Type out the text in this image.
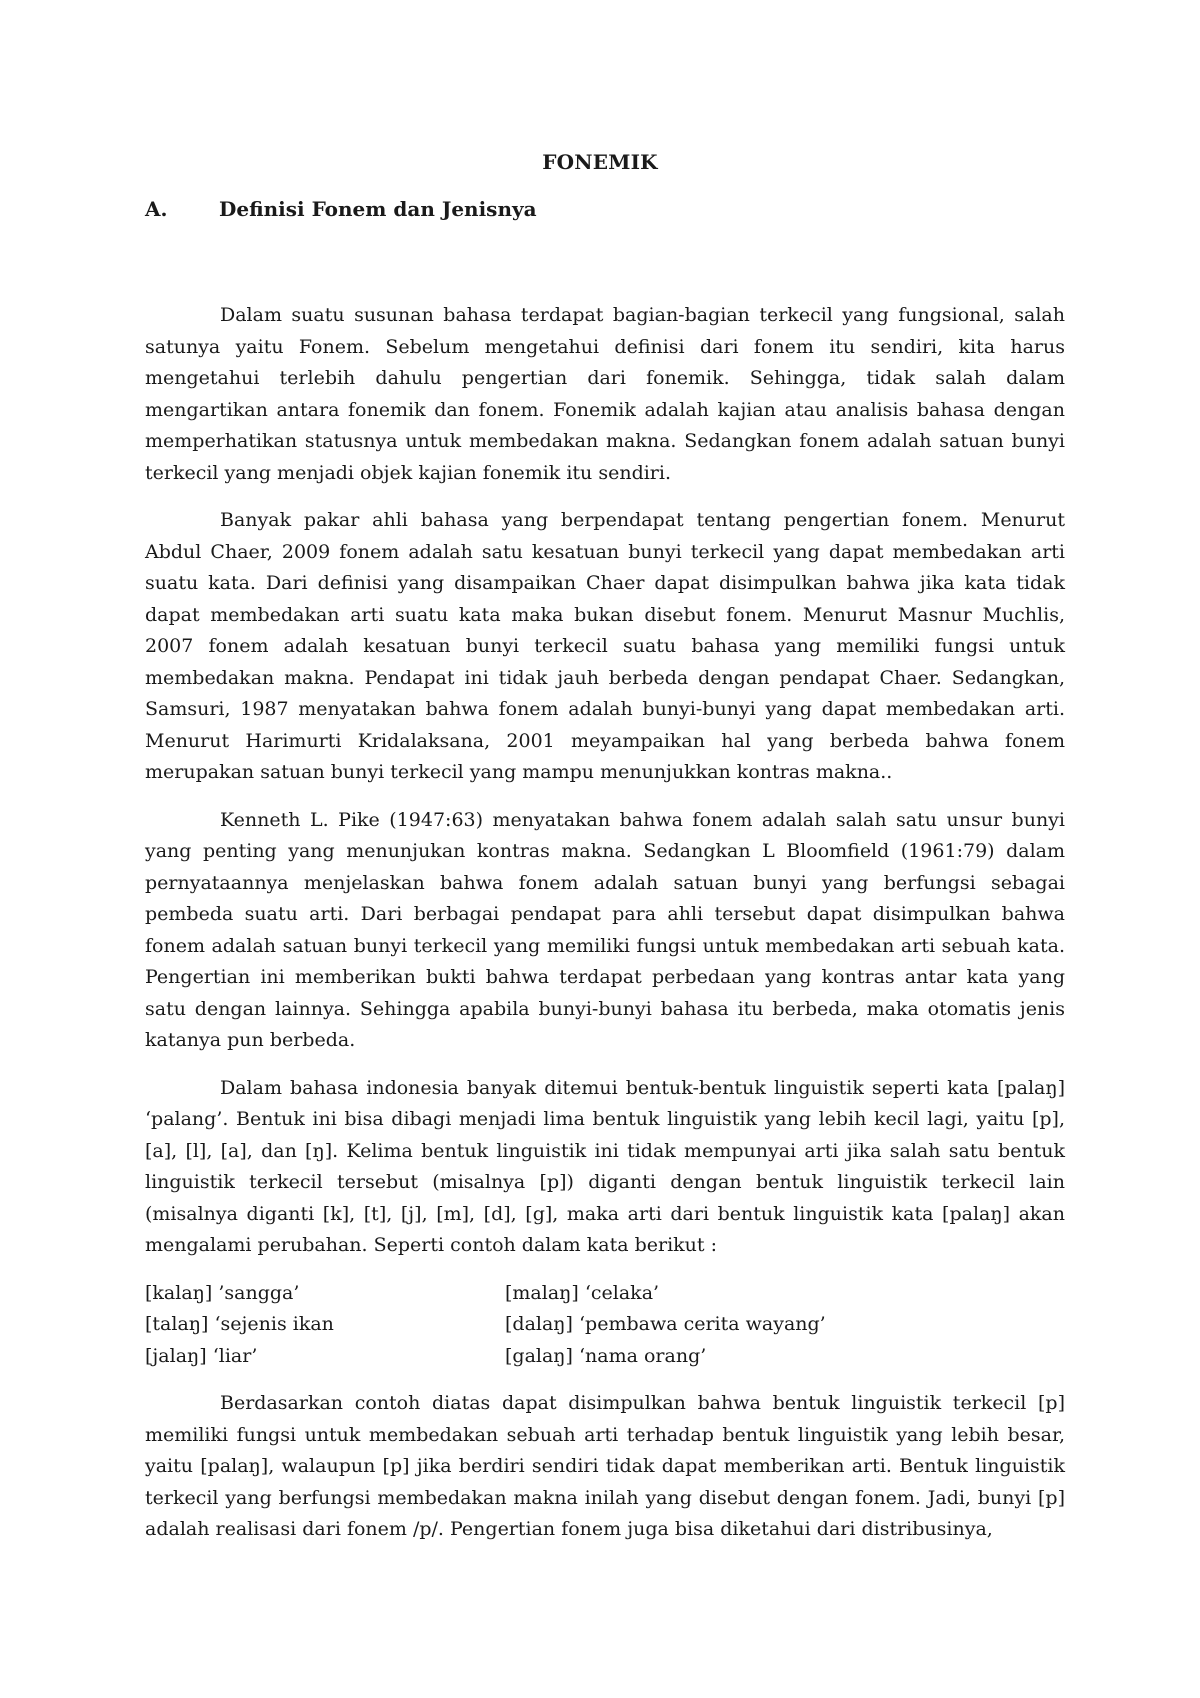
FONEMIK
A.	Definisi Fonem dan Jenisnya

Dalam suatu susunan bahasa terdapat bagian-bagian terkecil yang fungsional, salah satunya yaitu Fonem. Sebelum mengetahui definisi dari fonem itu sendiri, kita harus mengetahui terlebih dahulu pengertian dari fonemik. Sehingga, tidak salah dalam mengartikan antara fonemik dan fonem. Fonemik adalah kajian atau analisis bahasa dengan memperhatikan statusnya untuk membedakan makna. Sedangkan fonem adalah satuan bunyi terkecil yang menjadi objek kajian fonemik itu sendiri.

Banyak pakar ahli bahasa yang berpendapat tentang pengertian fonem. Menurut Abdul Chaer, 2009 fonem adalah satu kesatuan bunyi terkecil yang dapat membedakan arti suatu kata. Dari definisi yang disampaikan Chaer dapat disimpulkan bahwa jika kata tidak dapat membedakan arti suatu kata maka bukan disebut fonem. Menurut Masnur Muchlis, 2007 fonem adalah kesatuan bunyi terkecil suatu bahasa yang memiliki fungsi untuk membedakan makna. Pendapat ini tidak jauh berbeda dengan pendapat Chaer. Sedangkan, Samsuri, 1987 menyatakan bahwa fonem adalah bunyi-bunyi yang dapat membedakan arti. Menurut Harimurti Kridalaksana, 2001 meyampaikan hal yang berbeda bahwa fonem merupakan satuan bunyi terkecil yang mampu menunjukkan kontras makna..

Kenneth L. Pike (1947:63) menyatakan bahwa fonem adalah salah satu unsur bunyi yang penting yang menunjukan kontras makna. Sedangkan L Bloomfield (1961:79) dalam pernyataannya menjelaskan bahwa fonem adalah satuan bunyi yang berfungsi sebagai pembeda suatu arti. Dari berbagai pendapat para ahli tersebut dapat disimpulkan bahwa fonem adalah satuan bunyi terkecil yang memiliki fungsi untuk membedakan arti sebuah kata. Pengertian ini memberikan bukti bahwa terdapat perbedaan yang kontras antar kata yang satu dengan lainnya. Sehingga apabila bunyi-bunyi bahasa itu berbeda, maka otomatis jenis katanya pun berbeda.

Dalam bahasa indonesia banyak ditemui bentuk-bentuk linguistik seperti kata [palaŋ] ‘palang’. Bentuk ini bisa dibagi menjadi lima bentuk linguistik yang lebih kecil lagi, yaitu [p], [a], [l], [a], dan [ŋ]. Kelima bentuk linguistik ini tidak mempunyai arti jika salah satu bentuk linguistik terkecil tersebut (misalnya [p]) diganti dengan bentuk linguistik terkecil lain (misalnya diganti [k], [t], [j], [m], [d], [g], maka arti dari bentuk linguistik kata [palaŋ] akan mengalami perubahan. Seperti contoh dalam kata berikut :

[kalaŋ] ’sangga’	[malaŋ] ‘celaka’
[talaŋ] ‘sejenis ikan	[dalaŋ] ‘pembawa cerita wayang’
[jalaŋ] ‘liar’	[galaŋ] ‘nama orang’

Berdasarkan contoh diatas dapat disimpulkan bahwa bentuk linguistik terkecil [p] memiliki fungsi untuk membedakan sebuah arti terhadap bentuk linguistik yang lebih besar, yaitu [palaŋ], walaupun [p] jika berdiri sendiri tidak dapat memberikan arti. Bentuk linguistik terkecil yang berfungsi membedakan makna inilah yang disebut dengan fonem. Jadi, bunyi [p] adalah realisasi dari fonem /p/. Pengertian fonem juga bisa diketahui dari distribusinya,
